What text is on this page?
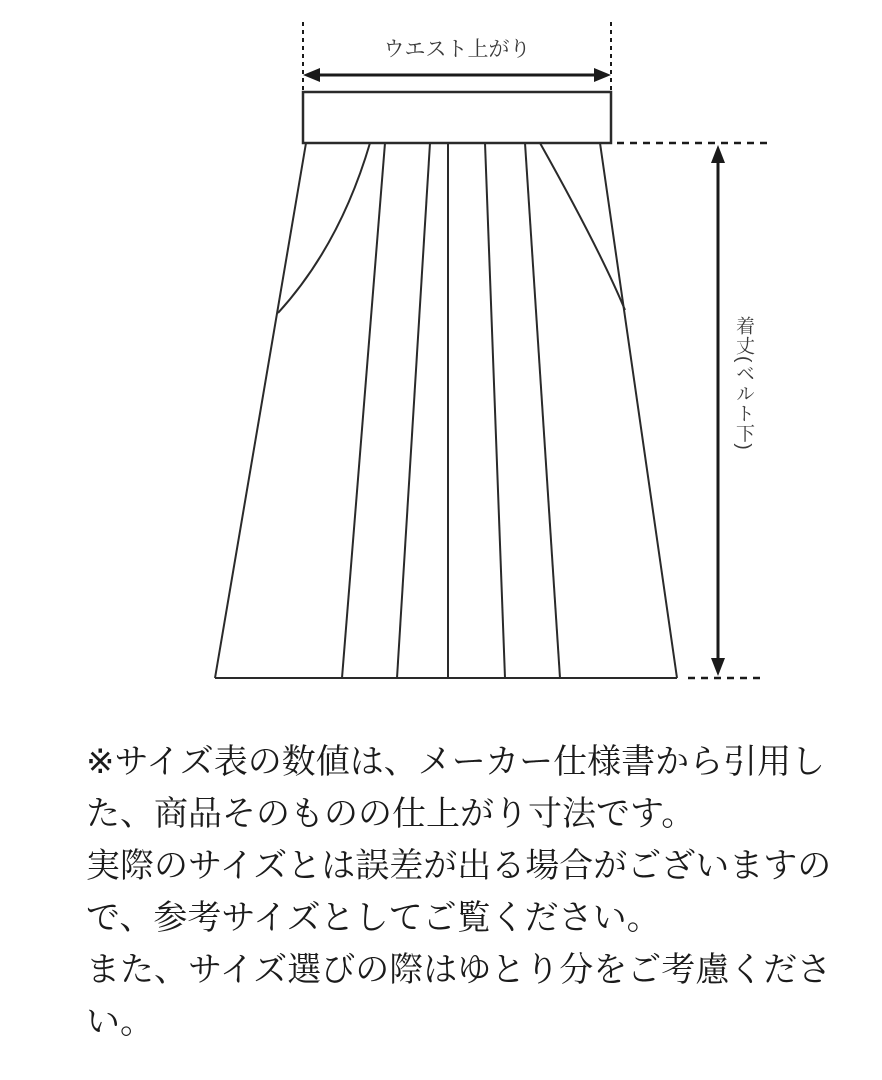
ウエスト上がり
着丈(ベルト下)

※サイズ表の数値は、メーカー仕様書から引用した、商品そのものの仕上がり寸法です。

実際のサイズとは誤差が出る場合がございますので、参考サイズとしてご覧ください。

また、サイズ選びの際はゆとり分をご考慮ください。
